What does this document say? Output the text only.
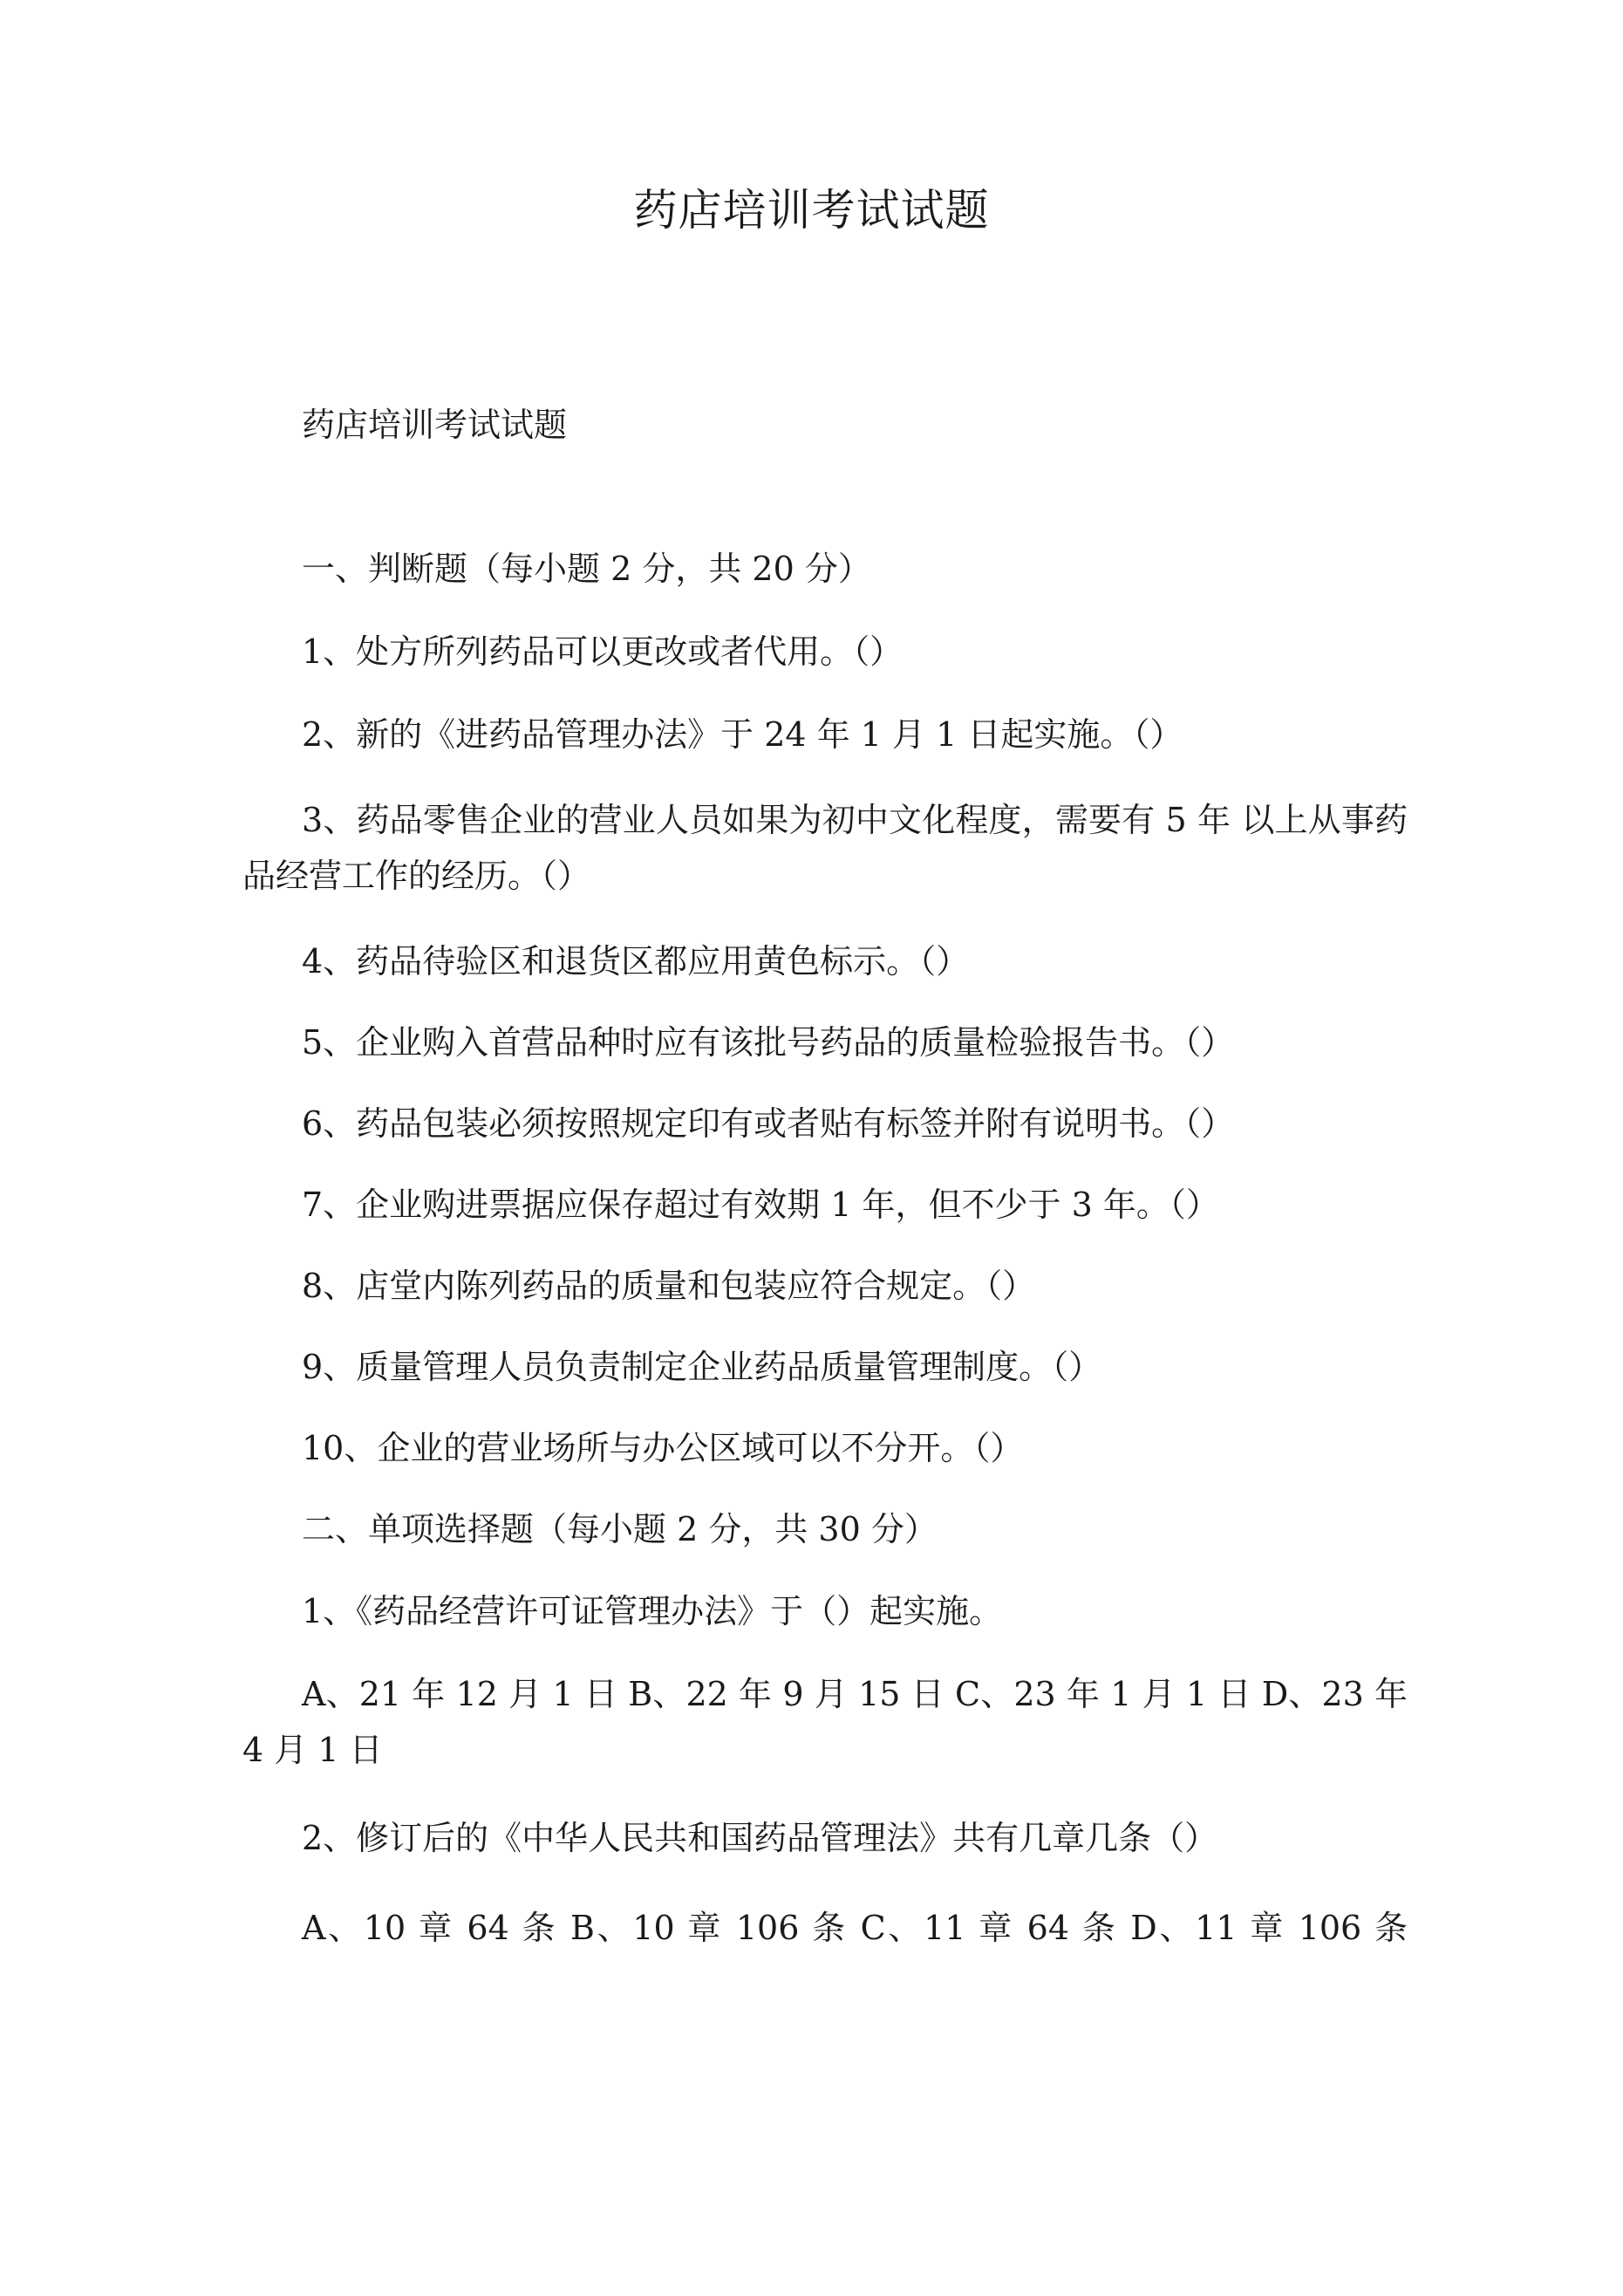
药店培训考试试题
药店培训考试试题
一、判断题（每小题 2 分，共 20 分）
1、处方所列药品可以更改或者代用。（）
2、新的《进药品管理办法》于 24 年 1 月 1 日起实施。（）
3、药品零售企业的营业人员如果为初中文化程度，需要有 5 年 以上从事药品经营工作的经历。（）
4、药品待验区和退货区都应用黄色标示。（）
5、企业购入首营品种时应有该批号药品的质量检验报告书。（）
6、药品包装必须按照规定印有或者贴有标签并附有说明书。（）
7、企业购进票据应保存超过有效期 1 年，但不少于 3 年。（）
8、店堂内陈列药品的质量和包装应符合规定。（）
9、质量管理人员负责制定企业药品质量管理制度。（）
10、企业的营业场所与办公区域可以不分开。（）
二、单项选择题（每小题 2 分，共 30 分）
1、《药品经营许可证管理办法》于（）起实施。
A、21 年 12 月 1 日 B、22 年 9 月 15 日 C、23 年 1 月 1 日 D、23 年 4 月 1 日
2、修订后的《中华人民共和国药品管理法》共有几章几条（）
A、10 章 64 条 B、10 章 106 条 C、11 章 64 条 D、11 章 106 条
